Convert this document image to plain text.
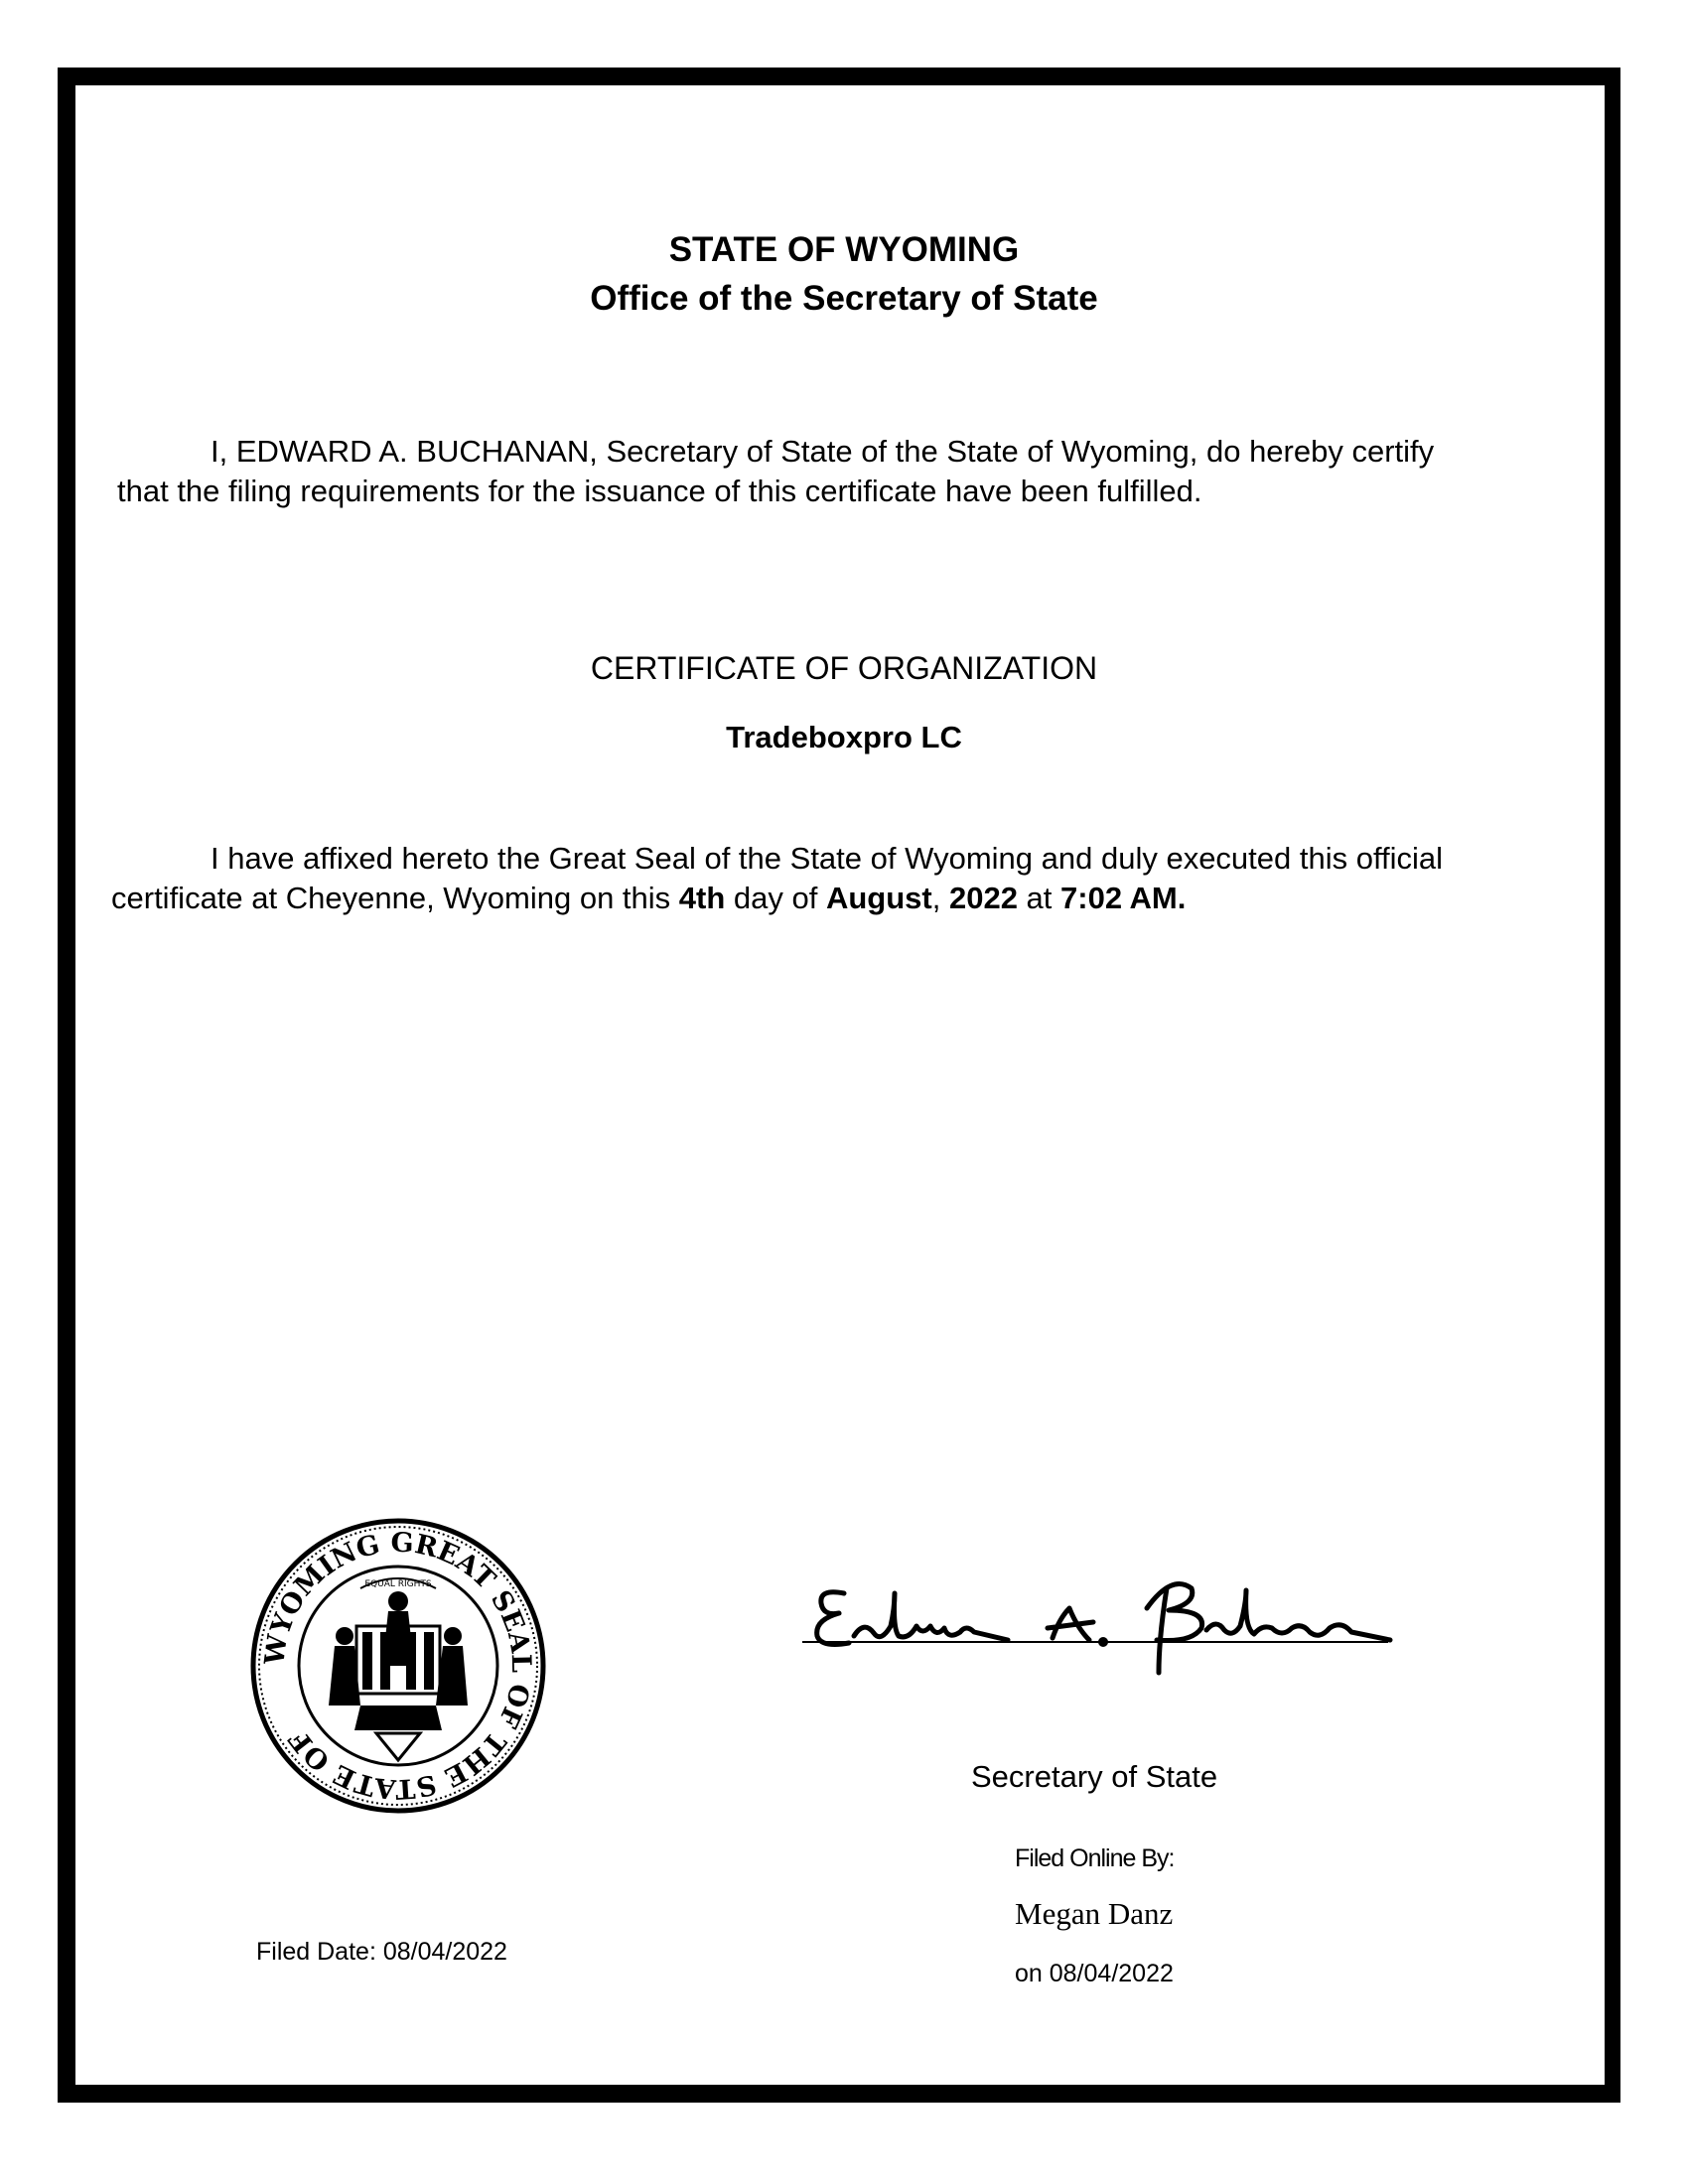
STATE OF WYOMING
Office of the Secretary of State
I, EDWARD A. BUCHANAN, Secretary of State of the State of Wyoming, do hereby certify
that the filing requirements for the issuance of this certificate have been fulfilled.
CERTIFICATE OF ORGANIZATION
Tradeboxpro LC
I have affixed hereto the Great Seal of the State of Wyoming and duly executed this official
certificate at Cheyenne, Wyoming on this 4th day of August, 2022 at 7:02 AM.
WYOMING GREAT SEAL OF THE STATE OF
EQUAL RIGHTS
Secretary of State
Filed Online By:
Megan Danz
on 08/04/2022
Filed Date: 08/04/2022
